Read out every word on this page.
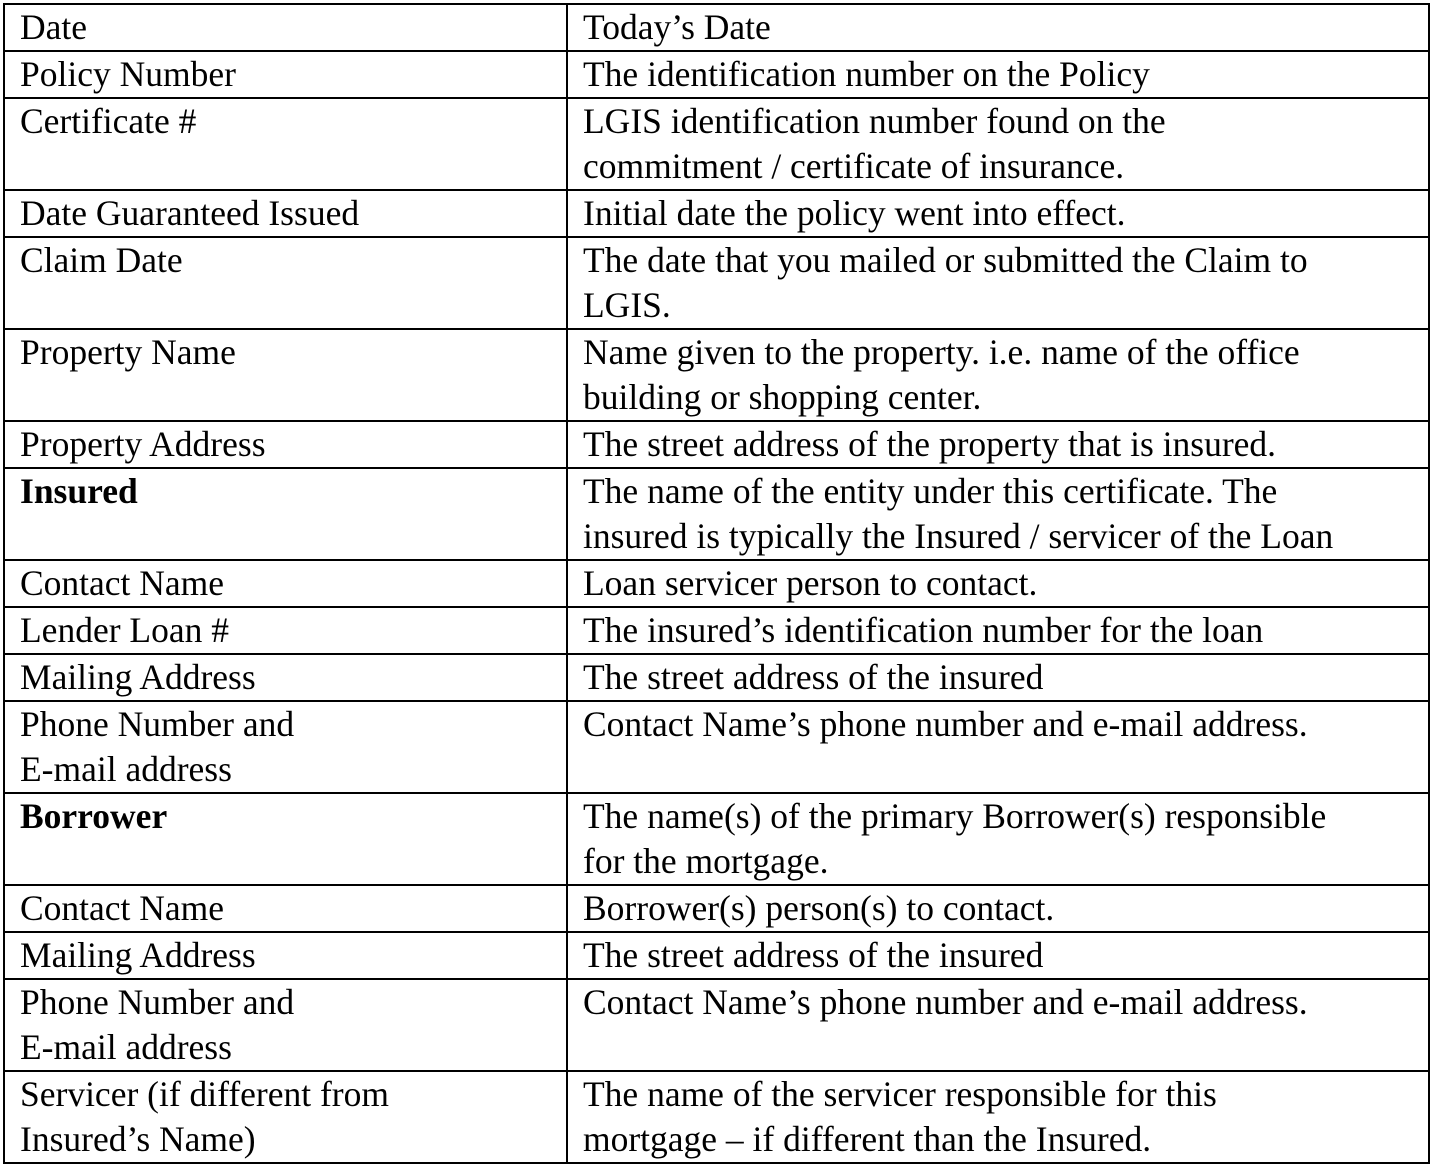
Date	Today’s Date
Policy Number	The identification number on the Policy
Certificate #	LGIS identification number found on the
commitment / certificate of insurance.
Date Guaranteed Issued	Initial date the policy went into effect.
Claim Date	The date that you mailed or submitted the Claim to
LGIS.
Property Name	Name given to the property. i.e. name of the office
building or shopping center.
Property Address	The street address of the property that is insured.
Insured	The name of the entity under this certificate. The
insured is typically the Insured / servicer of the Loan
Contact Name	Loan servicer person to contact.
Lender Loan #	The insured’s identification number for the loan
Mailing Address	The street address of the insured
Phone Number and
E-mail address	Contact Name’s phone number and e-mail address.
Borrower	The name(s) of the primary Borrower(s) responsible
for the mortgage.
Contact Name	Borrower(s) person(s) to contact.
Mailing Address	The street address of the insured
Phone Number and
E-mail address	Contact Name’s phone number and e-mail address.
Servicer (if different from
Insured’s Name)	The name of the servicer responsible for this
mortgage – if different than the Insured.
